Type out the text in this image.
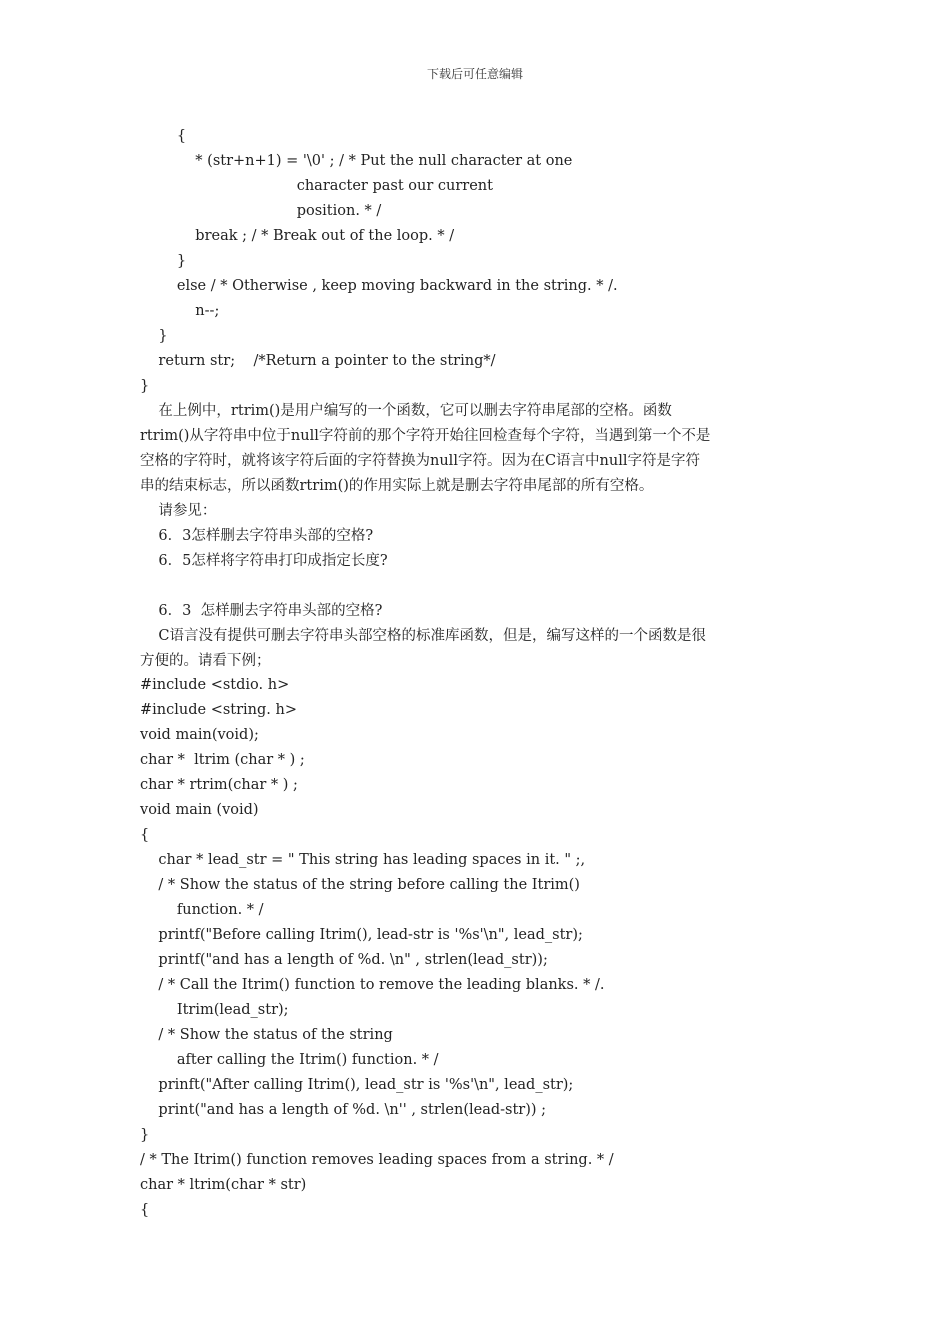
下载后可任意编辑
{
* (str+n+1) = '\0' ; / * Put the null character at one
character past our current
position. * /
break ; / * Break out of the loop. * /
}
else / * Otherwise , keep moving backward in the string. * /.
n--;
}
return str;    /*Return a pointer to the string*/
}
在上例中，rtrim()是用户编写的一个函数，它可以删去字符串尾部的空格。函数
rtrim()从字符串中位于null字符前的那个字符开始往回检查每个字符，当遇到第一个不是
空格的字符时，就将该字符后面的字符替换为null字符。因为在C语言中null字符是字符
串的结束标志，所以函数rtrim()的作用实际上就是删去字符串尾部的所有空格。
请参见：
6．3怎样删去字符串头部的空格?
6．5怎样将字符串打印成指定长度?
6．3  怎样删去字符串头部的空格?
C语言没有提供可删去字符串头部空格的标准库函数，但是，编写这样的一个函数是很
方便的。请看下例；
#include <stdio. h>
#include <string. h>
void main(void);
char *  ltrim (char * ) ;
char * rtrim(char * ) ;
void main (void)
{
char * lead_str = " This string has leading spaces in it. " ;,
/ * Show the status of the string before calling the Itrim()
function. * /
printf("Before calling Itrim(), lead-str is '%s'\n", lead_str);
printf("and has a length of %d. \n" , strlen(lead_str));
/ * Call the Itrim() function to remove the leading blanks. * /.
Itrim(lead_str);
/ * Show the status of the string
after calling the Itrim() function. * /
prinft("After calling Itrim(), lead_str is '%s'\n", lead_str);
print("and has a length of %d. \n'' , strlen(lead-str)) ;
}
/ * The Itrim() function removes leading spaces from a string. * /
char * ltrim(char * str)
{
